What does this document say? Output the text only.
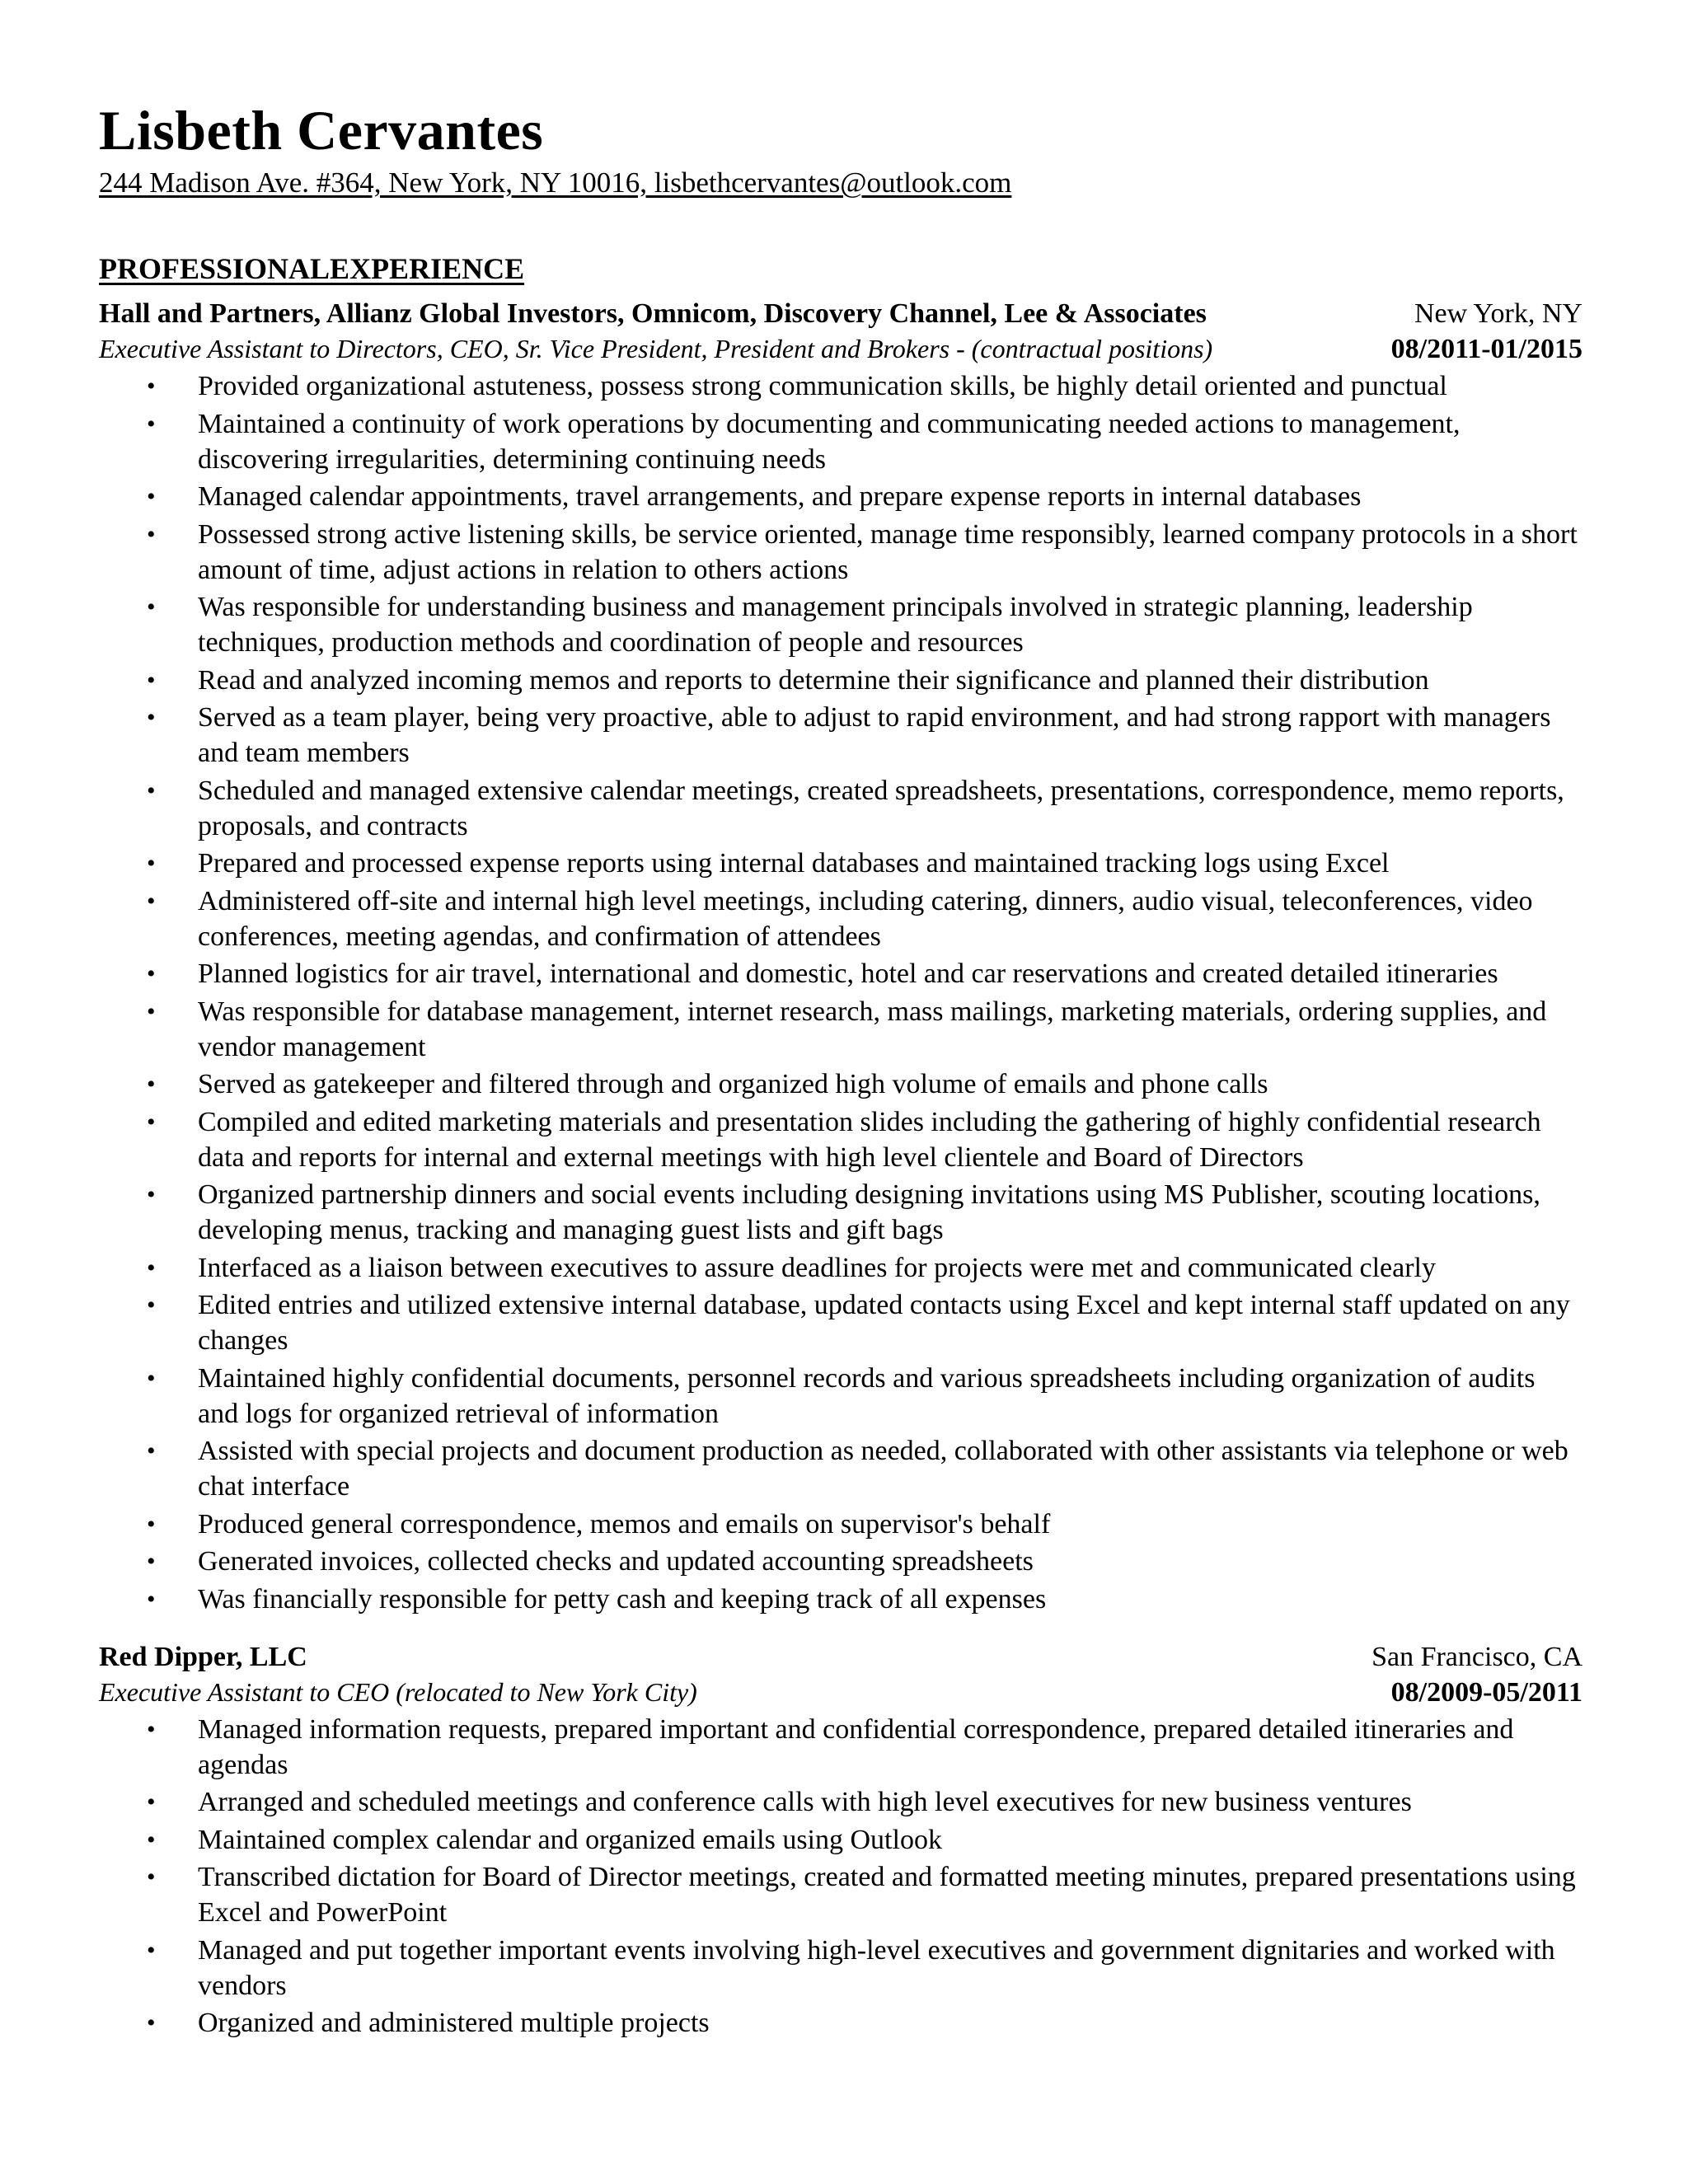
Lisbeth Cervantes
244 Madison Ave. #364, New York, NY 10016, lisbethcervantes@outlook.com
PROFESSIONALEXPERIENCE
Hall and Partners, Allianz Global Investors, Omnicom, Discovery Channel, Lee & Associates	New York, NY
Executive Assistant to Directors, CEO, Sr. Vice President, President and Brokers - (contractual positions)	08/2011-01/2015
• Provided organizational astuteness, possess strong communication skills, be highly detail oriented and punctual
• Maintained a continuity of work operations by documenting and communicating needed actions to management, discovering irregularities, determining continuing needs
• Managed calendar appointments, travel arrangements, and prepare expense reports in internal databases
• Possessed strong active listening skills, be service oriented, manage time responsibly, learned company protocols in a short amount of time, adjust actions in relation to others actions
• Was responsible for understanding business and management principals involved in strategic planning, leadership techniques, production methods and coordination of people and resources
• Read and analyzed incoming memos and reports to determine their significance and planned their distribution
• Served as a team player, being very proactive, able to adjust to rapid environment, and had strong rapport with managers and team members
• Scheduled and managed extensive calendar meetings, created spreadsheets, presentations, correspondence, memo reports, proposals, and contracts
• Prepared and processed expense reports using internal databases and maintained tracking logs using Excel
• Administered off-site and internal high level meetings, including catering, dinners, audio visual, teleconferences, video conferences, meeting agendas, and confirmation of attendees
• Planned logistics for air travel, international and domestic, hotel and car reservations and created detailed itineraries
• Was responsible for database management, internet research, mass mailings, marketing materials, ordering supplies, and vendor management
• Served as gatekeeper and filtered through and organized high volume of emails and phone calls
• Compiled and edited marketing materials and presentation slides including the gathering of highly confidential research data and reports for internal and external meetings with high level clientele and Board of Directors
• Organized partnership dinners and social events including designing invitations using MS Publisher, scouting locations, developing menus, tracking and managing guest lists and gift bags
• Interfaced as a liaison between executives to assure deadlines for projects were met and communicated clearly
• Edited entries and utilized extensive internal database, updated contacts using Excel and kept internal staff updated on any changes
• Maintained highly confidential documents, personnel records and various spreadsheets including organization of audits and logs for organized retrieval of information
• Assisted with special projects and document production as needed, collaborated with other assistants via telephone or web chat interface
• Produced general correspondence, memos and emails on supervisor's behalf
• Generated invoices, collected checks and updated accounting spreadsheets
• Was financially responsible for petty cash and keeping track of all expenses
Red Dipper, LLC	San Francisco, CA
Executive Assistant to CEO (relocated to New York City)	08/2009-05/2011
• Managed information requests, prepared important and confidential correspondence, prepared detailed itineraries and agendas
• Arranged and scheduled meetings and conference calls with high level executives for new business ventures
• Maintained complex calendar and organized emails using Outlook
• Transcribed dictation for Board of Director meetings, created and formatted meeting minutes, prepared presentations using Excel and PowerPoint
• Managed and put together important events involving high-level executives and government dignitaries and worked with vendors
• Organized and administered multiple projects
